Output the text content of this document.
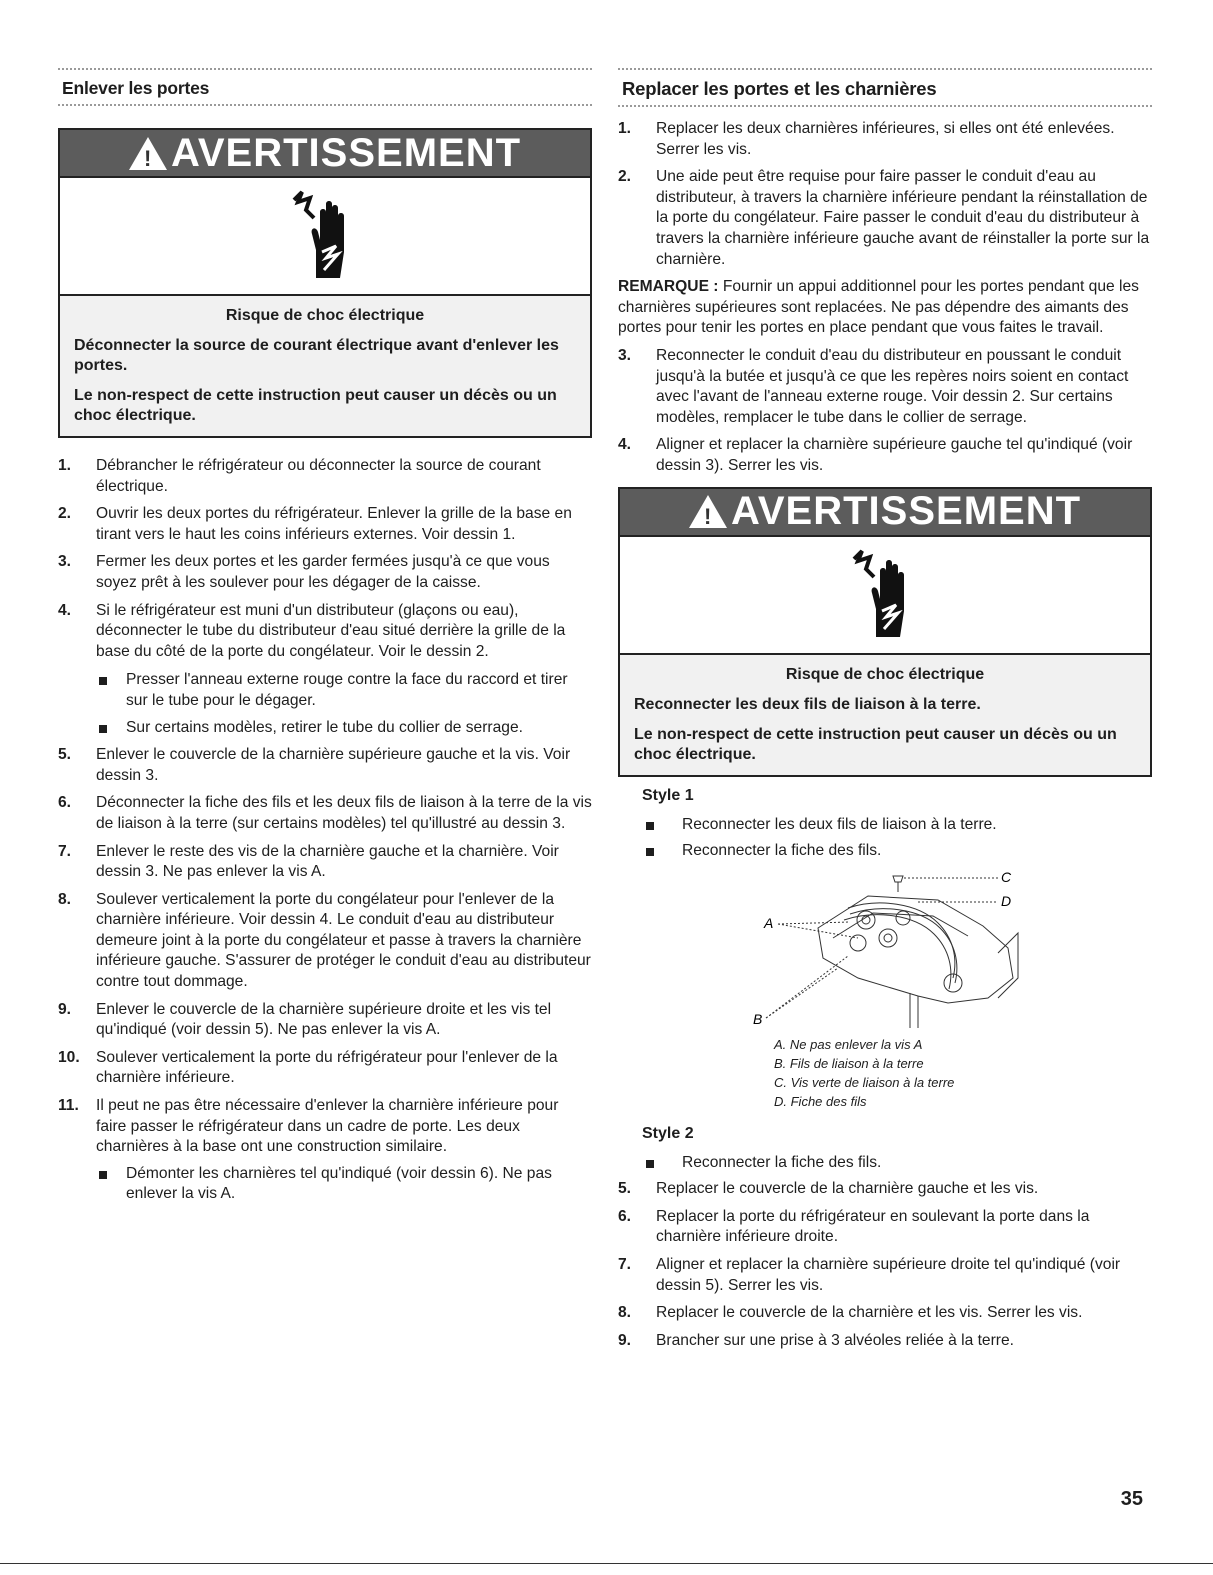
Enlever les portes
! AVERTISSEMENT
Risque de choc électrique

Déconnecter la source de courant électrique avant d'enlever les portes.

Le non-respect de cette instruction peut causer un décès ou un choc électrique.

1.	Débrancher le réfrigérateur ou déconnecter la source de courant électrique.
2.	Ouvrir les deux portes du réfrigérateur. Enlever la grille de la base en tirant vers le haut les coins inférieurs externes. Voir dessin 1.
3.	Fermer les deux portes et les garder fermées jusqu'à ce que vous soyez prêt à les soulever pour les dégager de la caisse.
4.	Si le réfrigérateur est muni d'un distributeur (glaçons ou eau), déconnecter le tube du distributeur d'eau situé derrière la grille de la base du côté de la porte du congélateur. Voir le dessin 2.
Presser l'anneau externe rouge contre la face du raccord et tirer sur le tube pour le dégager.
Sur certains modèles, retirer le tube du collier de serrage.
5.	Enlever le couvercle de la charnière supérieure gauche et la vis. Voir dessin 3.
6.	Déconnecter la fiche des fils et les deux fils de liaison à la terre de la vis de liaison à la terre (sur certains modèles) tel qu'illustré au dessin 3.
7.	Enlever le reste des vis de la charnière gauche et la charnière. Voir dessin 3. Ne pas enlever la vis A.
8.	Soulever verticalement la porte du congélateur pour l'enlever de la charnière inférieure. Voir dessin 4. Le conduit d'eau au distributeur demeure joint à la porte du congélateur et passe à travers la charnière inférieure gauche. S'assurer de protéger le conduit d'eau au distributeur contre tout dommage.
9.	Enlever le couvercle de la charnière supérieure droite et les vis tel qu'indiqué (voir dessin 5). Ne pas enlever la vis A.
10.	Soulever verticalement la porte du réfrigérateur pour l'enlever de la charnière inférieure.
11.	Il peut ne pas être nécessaire d'enlever la charnière inférieure pour faire passer le réfrigérateur dans un cadre de porte. Les deux charnières à la base ont une construction similaire.
Démonter les charnières tel qu'indiqué (voir dessin 6). Ne pas enlever la vis A.
Replacer les portes et les charnières
1.	Replacer les deux charnières inférieures, si elles ont été enlevées. Serrer les vis.
2.	Une aide peut être requise pour faire passer le conduit d'eau au distributeur, à travers la charnière inférieure pendant la réinstallation de la porte du congélateur. Faire passer le conduit d'eau du distributeur à travers la charnière inférieure gauche avant de réinstaller la porte sur la charnière.

REMARQUE : Fournir un appui additionnel pour les portes pendant que les charnières supérieures sont replacées. Ne pas dépendre des aimants des portes pour tenir les portes en place pendant que vous faites le travail.

3.	Reconnecter le conduit d'eau du distributeur en poussant le conduit jusqu'à la butée et jusqu'à ce que les repères noirs soient en contact avec l'avant de l'anneau externe rouge. Voir dessin 2. Sur certains modèles, remplacer le tube dans le collier de serrage.
4.	Aligner et replacer la charnière supérieure gauche tel qu'indiqué (voir dessin 3). Serrer les vis.
! AVERTISSEMENT
Risque de choc électrique

Reconnecter les deux fils de liaison à la terre.

Le non-respect de cette instruction peut causer un décès ou un choc électrique.

Style 1
Reconnecter les deux fils de liaison à la terre.
Reconnecter la fiche des fils.
C
D
A
B
A. Ne pas enlever la vis A
B. Fils de liaison à la terre
C. Vis verte de liaison à la terre
D. Fiche des fils
Style 2
Reconnecter la fiche des fils.
5.	Replacer le couvercle de la charnière gauche et les vis.
6.	Replacer la porte du réfrigérateur en soulevant la porte dans la charnière inférieure droite.
7.	Aligner et replacer la charnière supérieure droite tel qu'indiqué (voir dessin 5). Serrer les vis.
8.	Replacer le couvercle de la charnière et les vis. Serrer les vis.
9.	Brancher sur une prise à 3 alvéoles reliée à la terre.
35
